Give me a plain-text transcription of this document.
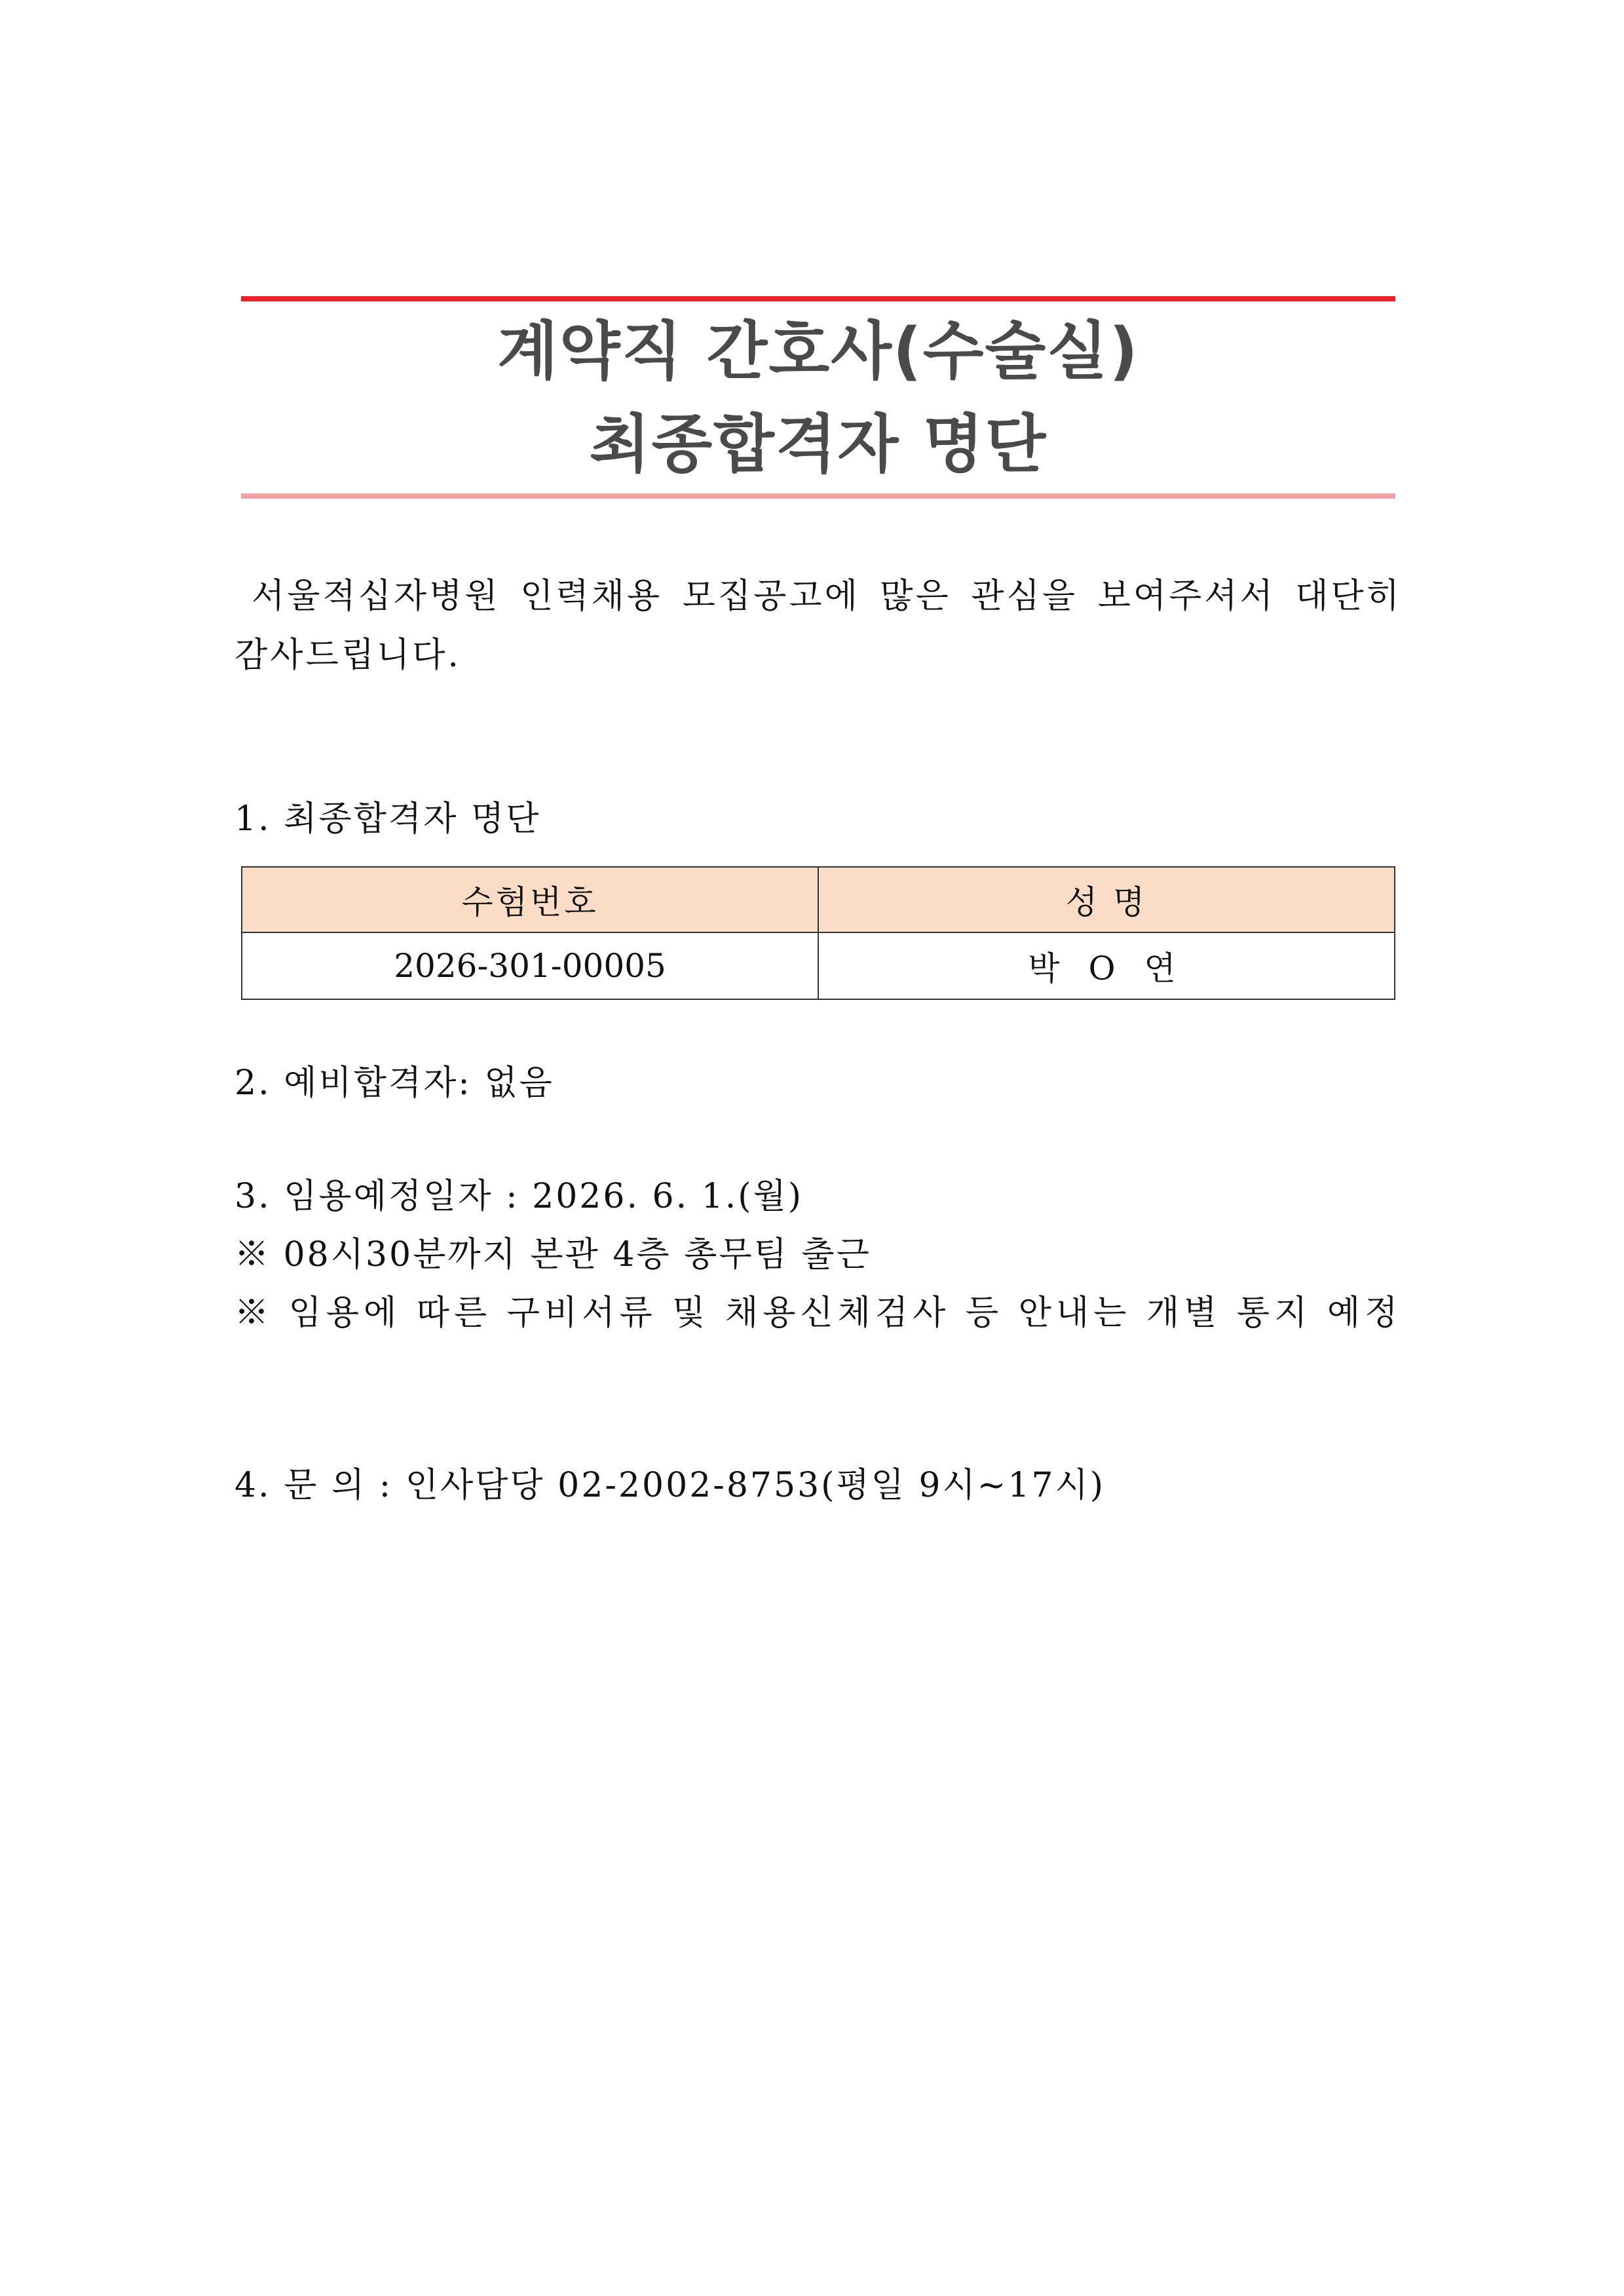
계약직 간호사(수술실)
최종합격자 명단

서울적십자병원 인력채용 모집공고에 많은 관심을 보여주셔서 대단히 감사드립니다.

1. 최종합격자 명단
수험번호	성 명
2026-301-00005	박 O 연
2. 예비합격자: 없음
3. 임용예정일자 : 2026. 6. 1.(월)
※ 08시30분까지 본관 4층 총무팀 출근
※ 임용에 따른 구비서류 및 채용신체검사 등 안내는 개별 통지 예정
4. 문 의 : 인사담당 02-2002-8753(평일 9시~17시)
